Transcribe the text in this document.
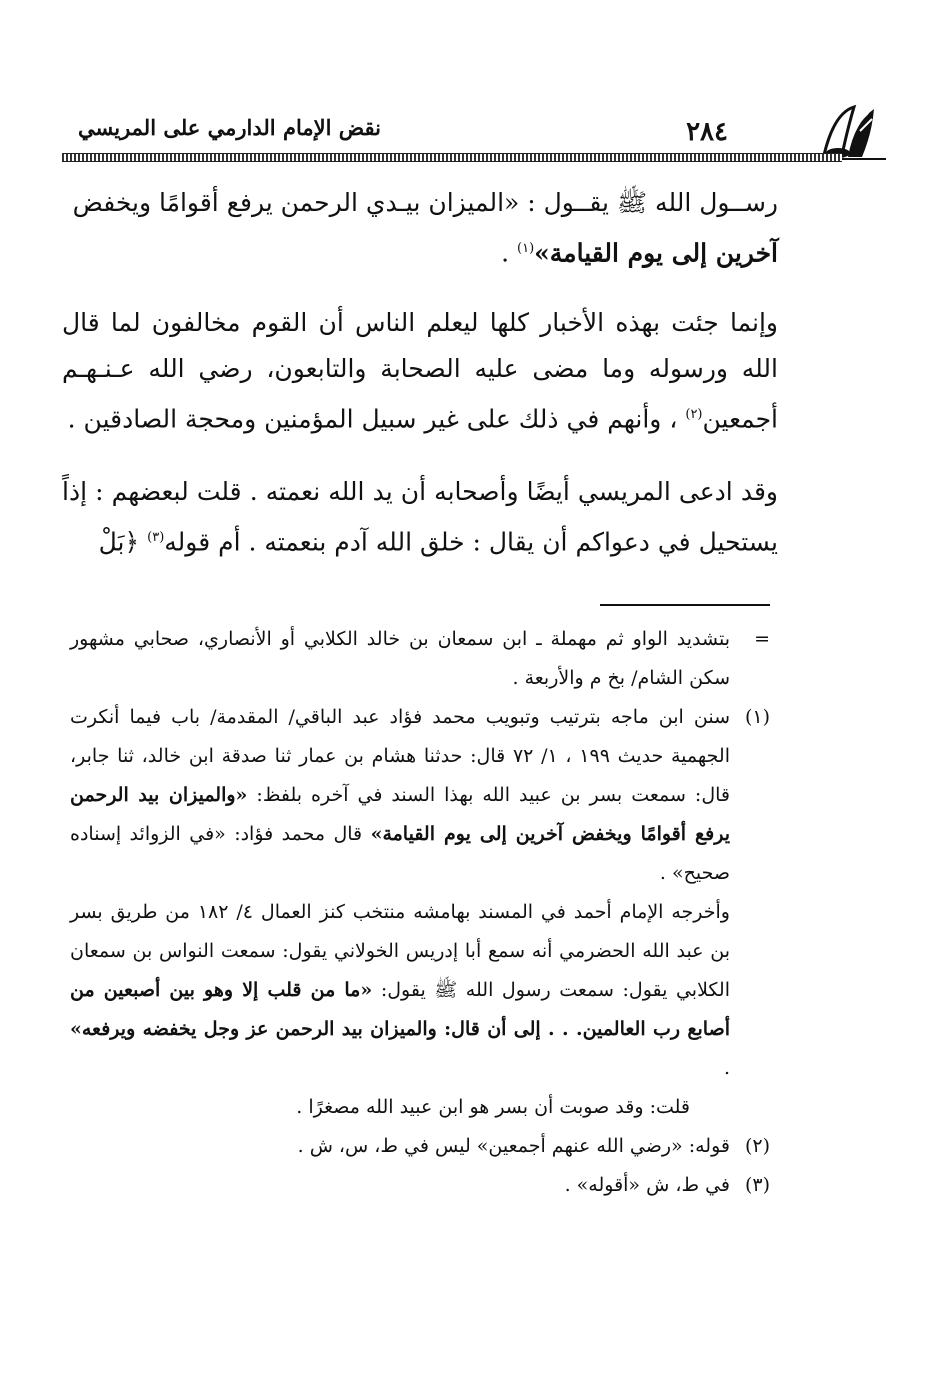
٢٨٤
نقض الإمام الدارمي على المريسي

رســول الله ﷺ يقــول : «الميزان بيـدي الرحمن يرفع أقوامًا ويخفض
آخرين إلى يوم القيامة»$^{(١)}$ .

وإنما جئت بهذه الأخبار كلها ليعلم الناس أن القوم مخالفون لما قال الله ورسوله وما مضى عليه الصحابة والتابعون، رضي الله عـنـهـم أجمعين$^{(٢)}$ ، وأنهم في ذلك على غير سبيل المؤمنين ومحجة الصادقين .

وقد ادعى المريسي أيضًا وأصحابه أن يد الله نعمته . قلت لبعضهم : إذاً يستحيل في دعواكم أن يقال : خلق الله آدم بنعمته . أم قوله$^{(٣)}$ ﴿بَلْ

=
بتشديد الواو ثم مهملة ـ ابن سمعان بن خالد الكلابي أو الأنصاري، صحابي مشهور سكن الشام/ بخ م والأربعة .
(١)
سنن ابن ماجه بترتيب وتبويب محمد فؤاد عبد الباقي/ المقدمة/ باب فيما أنكرت الجهمية حديث ١٩٩ ، ١/ ٧٢ قال: حدثنا هشام بن عمار ثنا صدقة ابن خالد، ثنا جابر، قال: سمعت بسر بن عبيد الله بهذا السند في آخره بلفظ: «والميزان بيد الرحمن يرفع أقوامًا ويخفض آخرين إلى يوم القيامة» قال محمد فؤاد: «في الزوائد إسناده صحيح» .
وأخرجه الإمام أحمد في المسند بهامشه منتخب كنز العمال ٤/ ١٨٢ من طريق بسر بن عبد الله الحضرمي أنه سمع أبا إدريس الخولاني يقول: سمعت النواس بن سمعان الكلابي يقول: سمعت رسول الله ﷺ يقول: «ما من قلب إلا وهو بين أصبعين من أصابع رب العالمين. . . إلى أن قال: والميزان بيد الرحمن عز وجل يخفضه ويرفعه» .
قلت: وقد صوبت أن بسر هو ابن عبيد الله مصغرًا .
(٢)
قوله: «رضي الله عنهم أجمعين» ليس في ط، س، ش .
(٣)
في ط، ش «أقوله» .
